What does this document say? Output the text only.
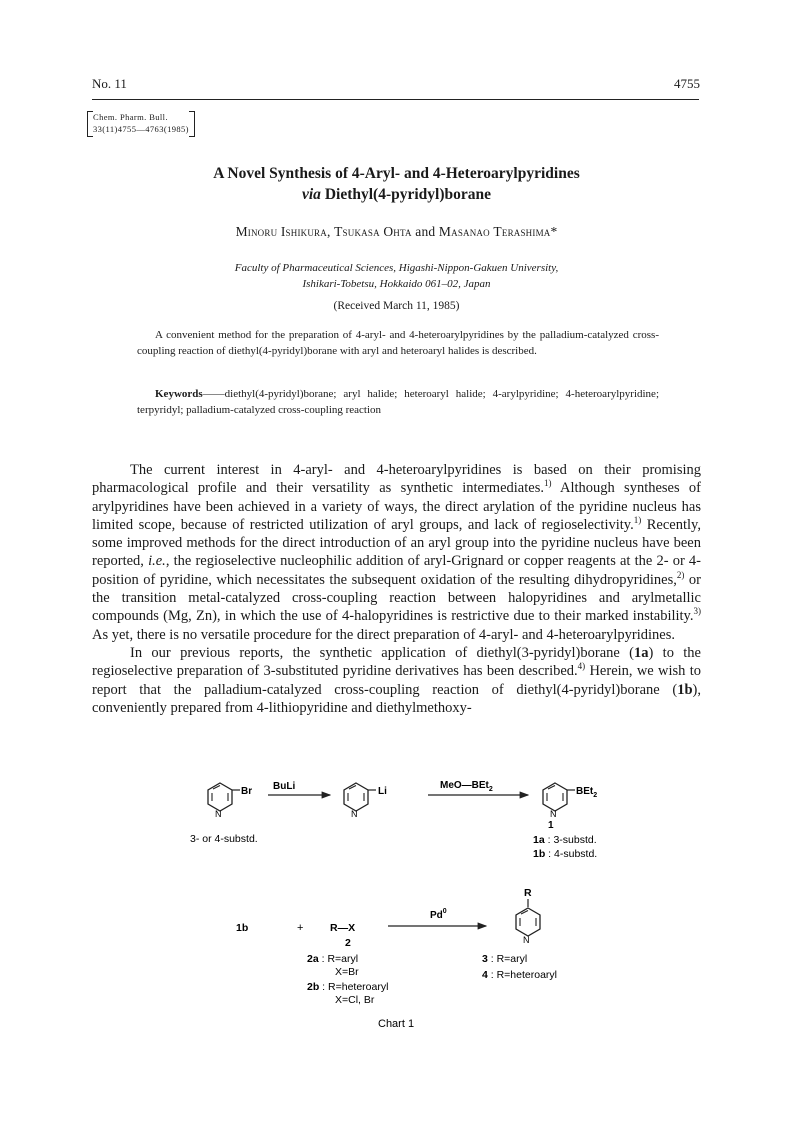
No. 11	4755
Chem. Pharm. Bull.
33(11)4755—4763(1985)
A Novel Synthesis of 4-Aryl- and 4-Heteroarylpyridines
via Diethyl(4-pyridyl)borane
Minoru Ishikura, Tsukasa Ohta and Masanao Terashima*
Faculty of Pharmaceutical Sciences, Higashi-Nippon-Gakuen University,
Ishikari-Tobetsu, Hokkaido 061–02, Japan
(Received March 11, 1985)
A convenient method for the preparation of 4-aryl- and 4-heteroarylpyridines by the palladium-catalyzed cross-coupling reaction of diethyl(4-pyridyl)borane with aryl and heteroaryl halides is described.
Keywords——diethyl(4-pyridyl)borane; aryl halide; heteroaryl halide; 4-arylpyridine; 4-heteroarylpyridine; terpyridyl; palladium-catalyzed cross-coupling reaction

The current interest in 4-aryl- and 4-heteroarylpyridines is based on their promising pharmacological profile and their versatility as synthetic intermediates.$^{1)}$ Although syntheses of arylpyridines have been achieved in a variety of ways, the direct arylation of the pyridine nucleus has limited scope, because of restricted utilization of aryl groups, and lack of regioselectivity.$^{1)}$ Recently, some improved methods for the direct introduction of an aryl group into the pyridine nucleus have been reported, i.e., the regioselective nucleophilic addition of aryl-Grignard or copper reagents at the 2- or 4-position of pyridine, which necessitates the subsequent oxidation of the resulting dihydropyridines,$^{2)}$ or the transition metal-catalyzed cross-coupling reaction between halopyridines and arylmetallic compounds (Mg, Zn), in which the use of 4-halopyridines is restrictive due to their marked instability.$^{3)}$ As yet, there is no versatile procedure for the direct preparation of 4-aryl- and 4-heteroarylpyridines.

In our previous reports, the synthetic application of diethyl(3-pyridyl)borane (1a) to the regioselective preparation of 3-substituted pyridine derivatives has been described.$^{4)}$ Herein, we wish to report that the palladium-catalyzed cross-coupling reaction of diethyl(4-pyridyl)borane (1b), conveniently prepared from 4-lithiopyridine and diethylmethoxy-

N
Br BuLi
N
Li
MeO—BEt$_2$
N
BEt$_2$
1
3- or 4-substd.	1a : 3-substd.
1b : 4-substd.
1b	+	R—X
2
Pd$^0$
R
N
2a : R=aryl
X=Br
2b : R=heteroaryl
X=Cl, Br
3 : R=aryl
4 : R=heteroaryl
Chart 1
